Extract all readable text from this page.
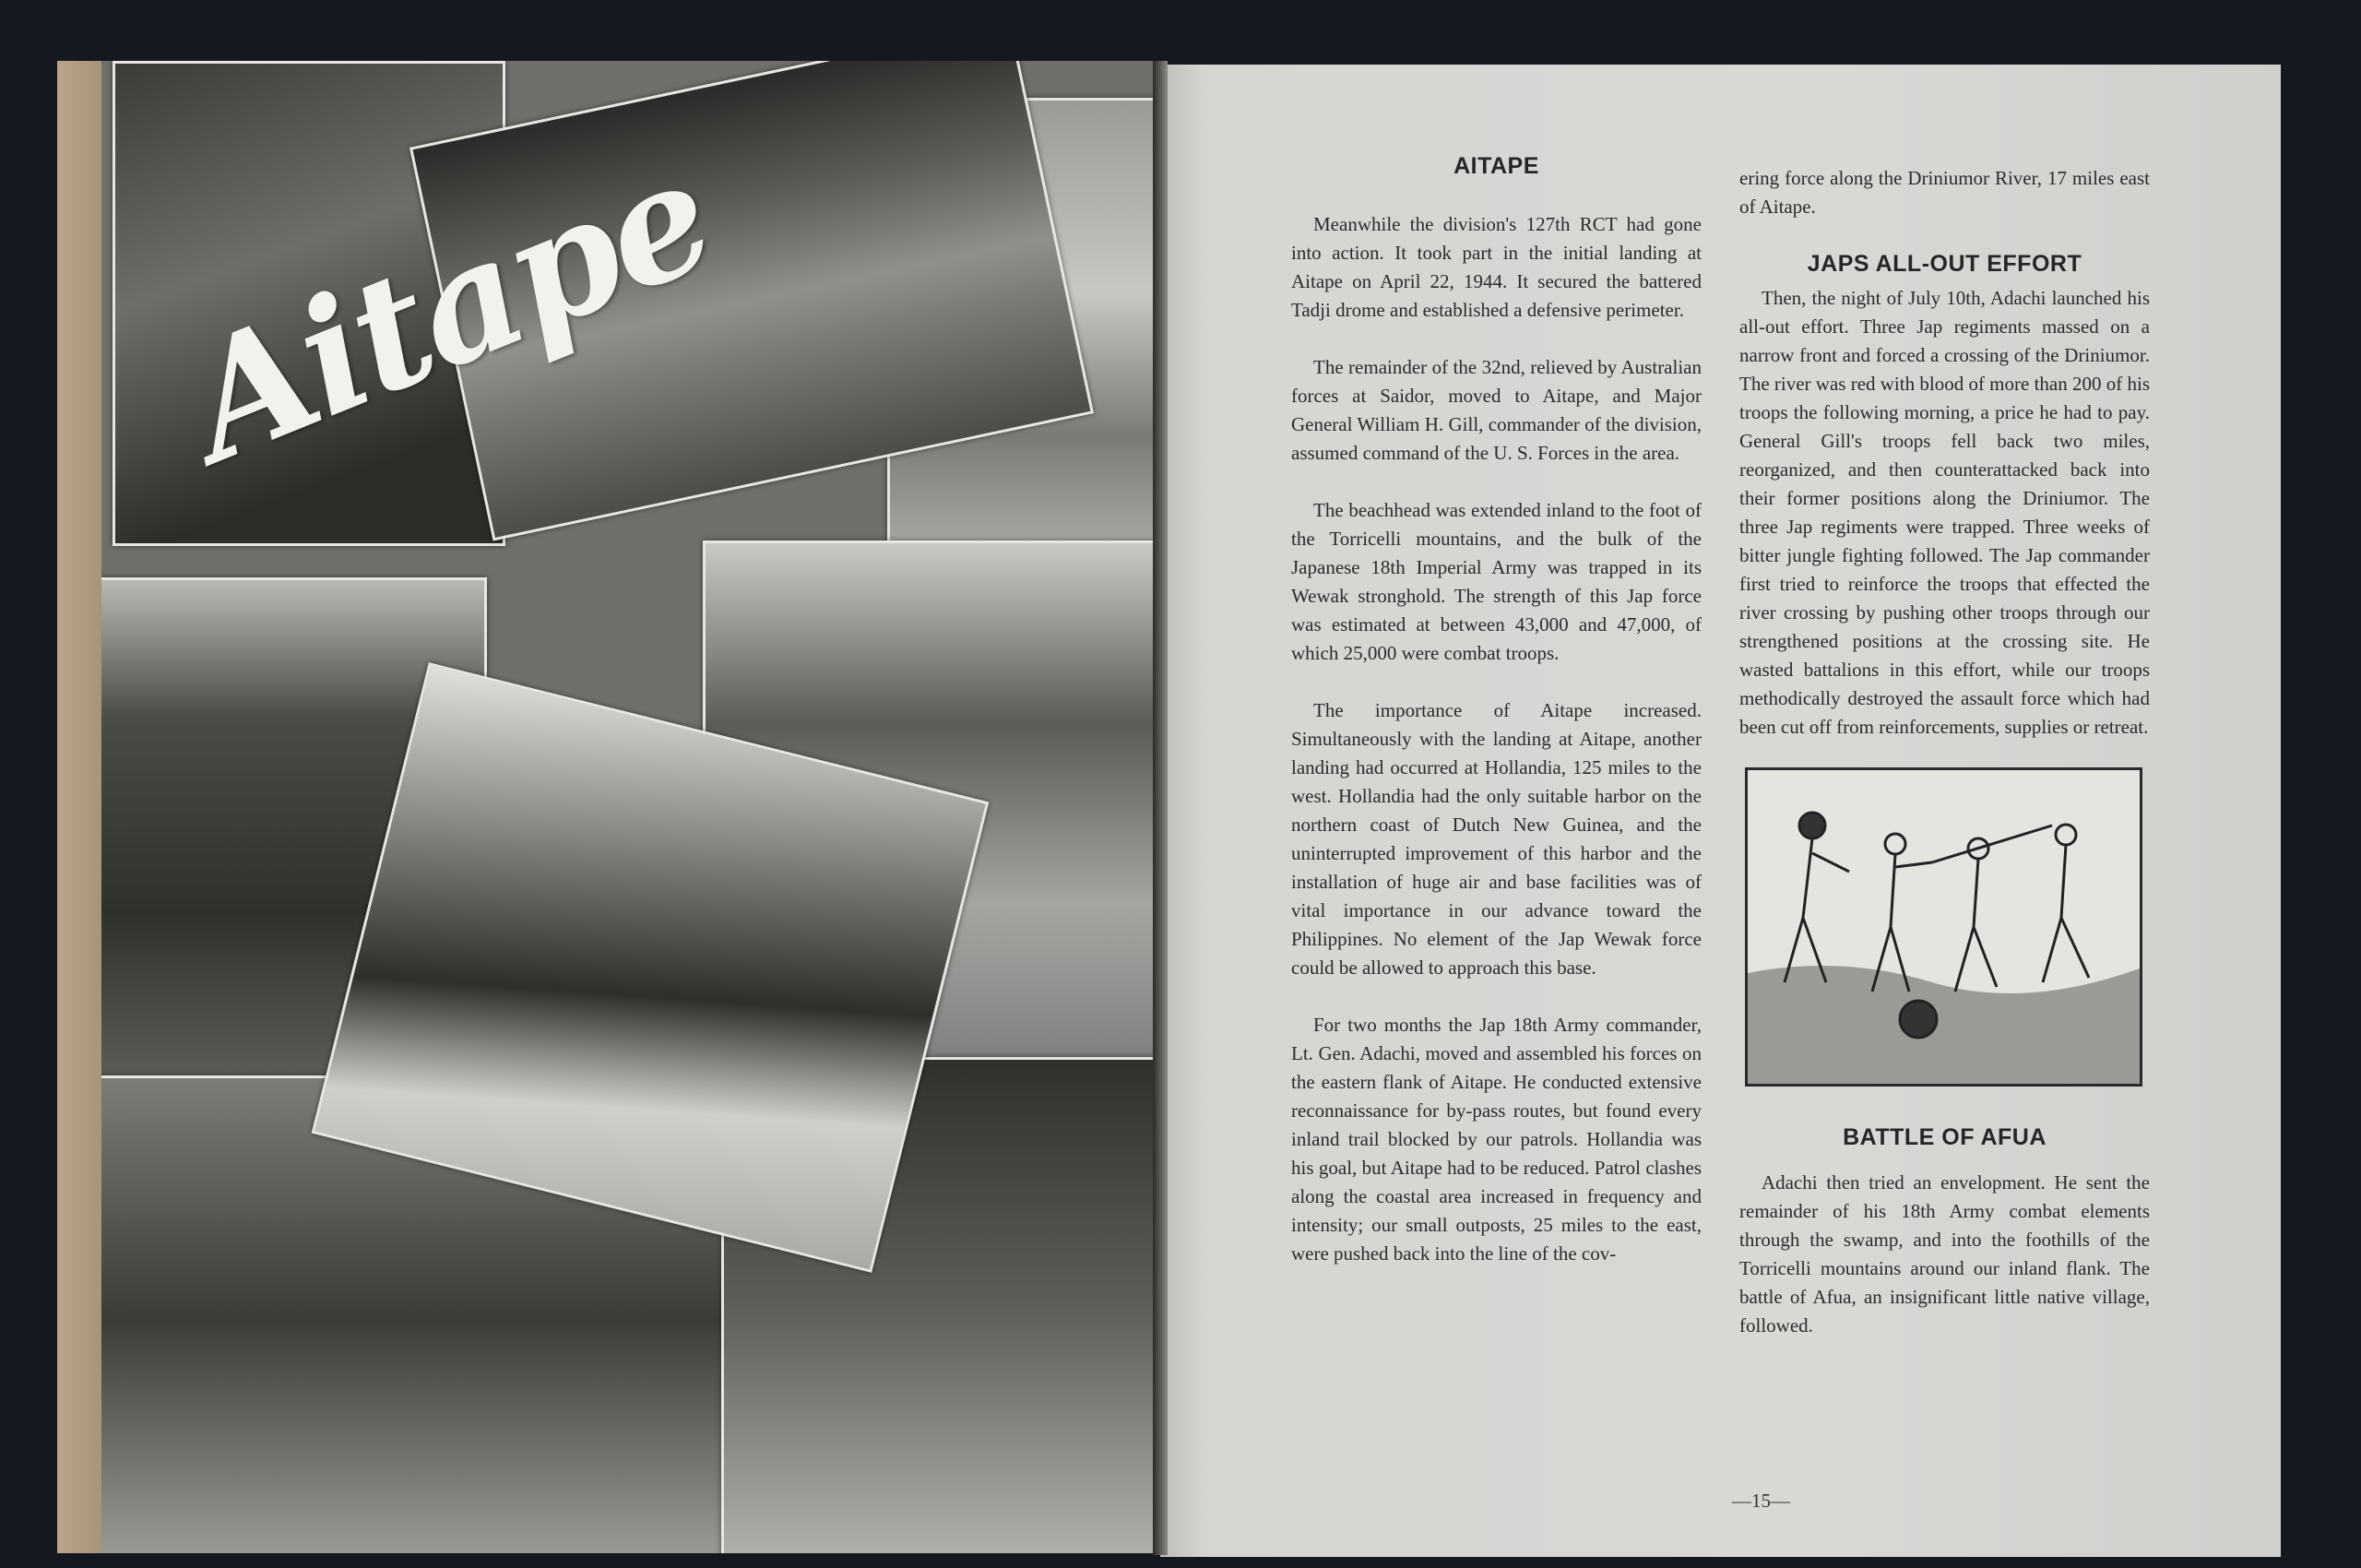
Aitape	AITAPE

Meanwhile the division's 127th RCT had gone into action. It took part in the initial landing at Aitape on April 22, 1944. It secured the battered Tadji drome and established a defensive perimeter.

The remainder of the 32nd, relieved by Australian forces at Saidor, moved to Aitape, and Major General William H. Gill, commander of the division, assumed command of the U. S. Forces in the area.

The beachhead was extended inland to the foot of the Torricelli mountains, and the bulk of the Japanese 18th Imperial Army was trapped in its Wewak stronghold. The strength of this Jap force was estimated at between 43,000 and 47,000, of which 25,000 were combat troops.

The importance of Aitape increased. Simultaneously with the landing at Aitape, another landing had occurred at Hollandia, 125 miles to the west. Hollandia had the only suitable harbor on the northern coast of Dutch New Guinea, and the uninterrupted improvement of this harbor and the installation of huge air and base facilities was of vital importance in our advance toward the Philippines. No element of the Jap Wewak force could be allowed to approach this base.

For two months the Jap 18th Army commander, Lt. Gen. Adachi, moved and assembled his forces on the eastern flank of Aitape. He conducted extensive reconnaissance for by-pass routes, but found every inland trail blocked by our patrols. Hollandia was his goal, but Aitape had to be reduced. Patrol clashes along the coastal area increased in frequency and intensity; our small outposts, 25 miles to the east, were pushed back into the line of the cov-

ering force along the Driniumor River, 17 miles east of Aitape.

JAPS ALL-OUT EFFORT

Then, the night of July 10th, Adachi launched his all-out effort. Three Jap regiments massed on a narrow front and forced a crossing of the Driniumor. The river was red with blood of more than 200 of his troops the following morning, a price he had to pay. General Gill's troops fell back two miles, reorganized, and then counterattacked back into their former positions along the Driniumor. The three Jap regiments were trapped. Three weeks of bitter jungle fighting followed. The Jap commander first tried to reinforce the troops that effected the river crossing by pushing other troops through our strengthened positions at the crossing site. He wasted battalions in this effort, while our troops methodically destroyed the assault force which had been cut off from reinforcements, supplies or retreat.

BATTLE OF AFUA

Adachi then tried an envelopment. He sent the remainder of his 18th Army combat elements through the swamp, and into the foothills of the Torricelli mountains around our inland flank. The battle of Afua, an insignificant little native village, followed.

—15—
